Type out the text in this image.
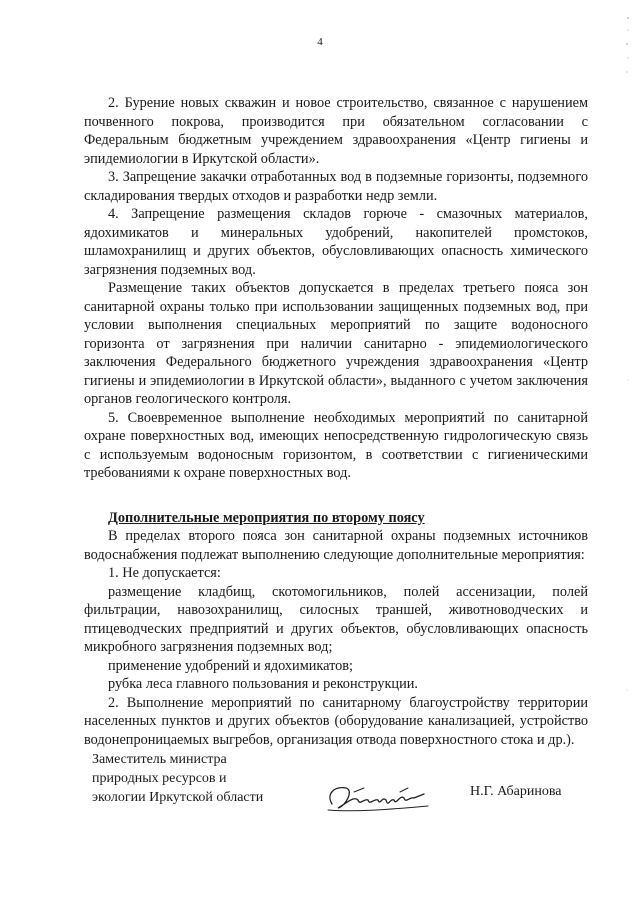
4

2. Бурение новых скважин и новое строительство, связанное с нарушением почвенного покрова, производится при обязательном согласовании с Федеральным бюджетным учреждением здравоохранения «Центр гигиены и эпидемиологии в Иркутской области».

3. Запрещение закачки отработанных вод в подземные горизонты, подземного складирования твердых отходов и разработки недр земли.

4. Запрещение размещения складов горюче - смазочных материалов, ядохимикатов и минеральных удобрений, накопителей промстоков, шламохранилищ и других объектов, обусловливающих опасность химического загрязнения подземных вод.

Размещение таких объектов допускается в пределах третьего пояса зон санитарной охраны только при использовании защищенных подземных вод, при условии выполнения специальных мероприятий по защите водоносного горизонта от загрязнения при наличии санитарно - эпидемиологического заключения Федерального бюджетного учреждения здравоохранения «Центр гигиены и эпидемиологии в Иркутской области», выданного с учетом заключения органов геологического контроля.

5. Своевременное выполнение необходимых мероприятий по санитарной охране поверхностных вод, имеющих непосредственную гидрологическую связь с используемым водоносным горизонтом, в соответствии с гигиеническими требованиями к охране поверхностных вод.

Дополнительные мероприятия по второму поясу

В пределах второго пояса зон санитарной охраны подземных источников водоснабжения подлежат выполнению следующие дополнительные мероприятия:

1. Не допускается:

размещение кладбищ, скотомогильников, полей ассенизации, полей фильтрации, навозохранилищ, силосных траншей, животноводческих и птицеводческих предприятий и других объектов, обусловливающих опасность микробного загрязнения подземных вод;

применение удобрений и ядохимикатов;

рубка леса главного пользования и реконструкции.

2. Выполнение мероприятий по санитарному благоустройству территории населенных пунктов и других объектов (оборудование канализацией, устройство водонепроницаемых выгребов, организация отвода поверхностного стока и др.).

Заместитель министра
природных ресурсов и
экологии Иркутской области	Н.Г. Абаринова
